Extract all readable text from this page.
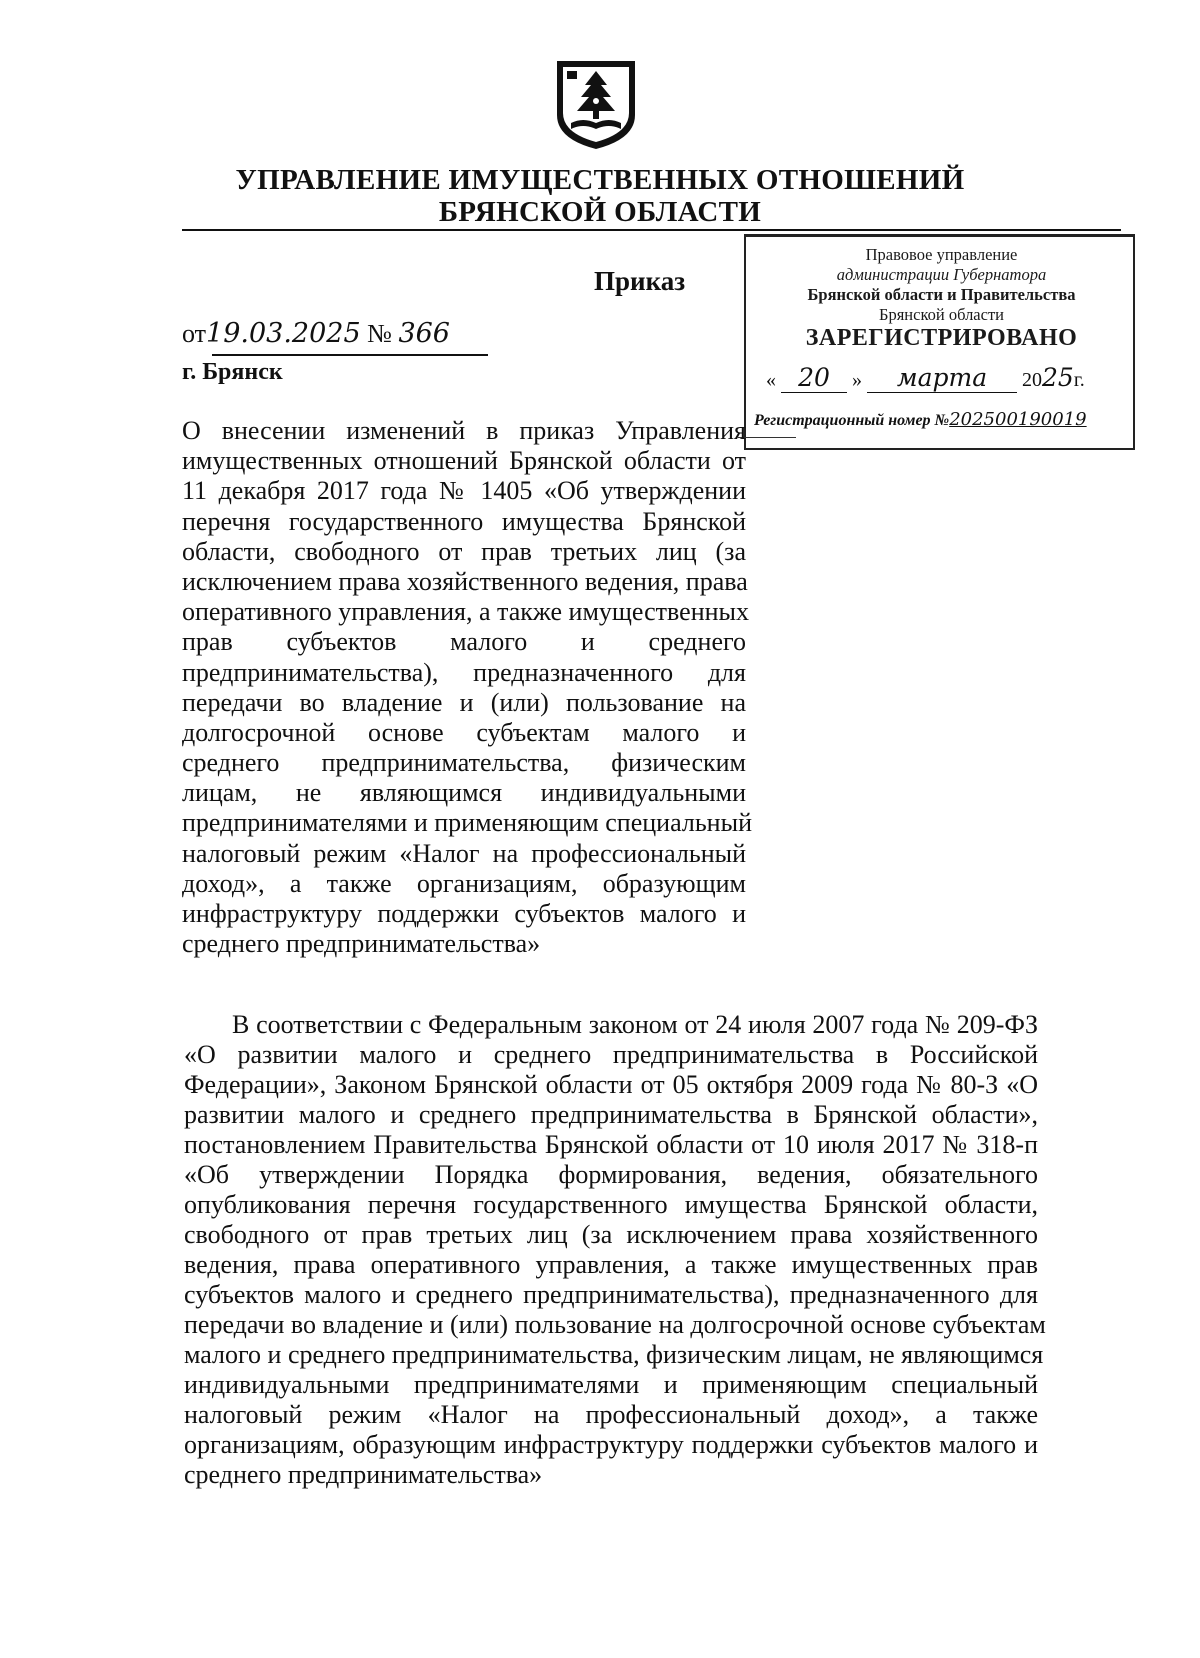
УПРАВЛЕНИЕ ИМУЩЕСТВЕННЫХ ОТНОШЕНИЙ
БРЯНСКОЙ ОБЛАСТИ
Приказ
от19.03.2025 № 366
г. Брянск
Правовое управление
администрации Губернатора
Брянской области и Правительства
Брянской области
ЗАРЕГИСТРИРОВАНО
« 20 » марта 2025г.
Регистрационный номер №202500190019
О внесении изменений в приказ Управления
имущественных отношений Брянской области от
11 декабря 2017 года № 1405 «Об утверждении
перечня государственного имущества Брянской
области, свободного от прав третьих лиц (за
исключением права хозяйственного ведения, права
оперативного управления, а также имущественных
прав субъектов малого и среднего
предпринимательства), предназначенного для
передачи во владение и (или) пользование на
долгосрочной основе субъектам малого и
среднего предпринимательства, физическим
лицам, не являющимся индивидуальными
предпринимателями и применяющим специальный
налоговый режим «Налог на профессиональный
доход», а также организациям, образующим
инфраструктуру поддержки субъектов малого и
среднего предпринимательства»
В соответствии с Федеральным законом от 24 июля 2007 года № 209-ФЗ
«О развитии малого и среднего предпринимательства в Российской
Федерации», Законом Брянской области от 05 октября 2009 года № 80-З «О
развитии малого и среднего предпринимательства в Брянской области»,
постановлением Правительства Брянской области от 10 июля 2017 № 318-п
«Об утверждении Порядка формирования, ведения, обязательного
опубликования перечня государственного имущества Брянской области,
свободного от прав третьих лиц (за исключением права хозяйственного
ведения, права оперативного управления, а также имущественных прав
субъектов малого и среднего предпринимательства), предназначенного для
передачи во владение и (или) пользование на долгосрочной основе субъектам
малого и среднего предпринимательства, физическим лицам, не являющимся
индивидуальными предпринимателями и применяющим специальный
налоговый режим «Налог на профессиональный доход», а также
организациям, образующим инфраструктуру поддержки субъектов малого и
среднего предпринимательства»
